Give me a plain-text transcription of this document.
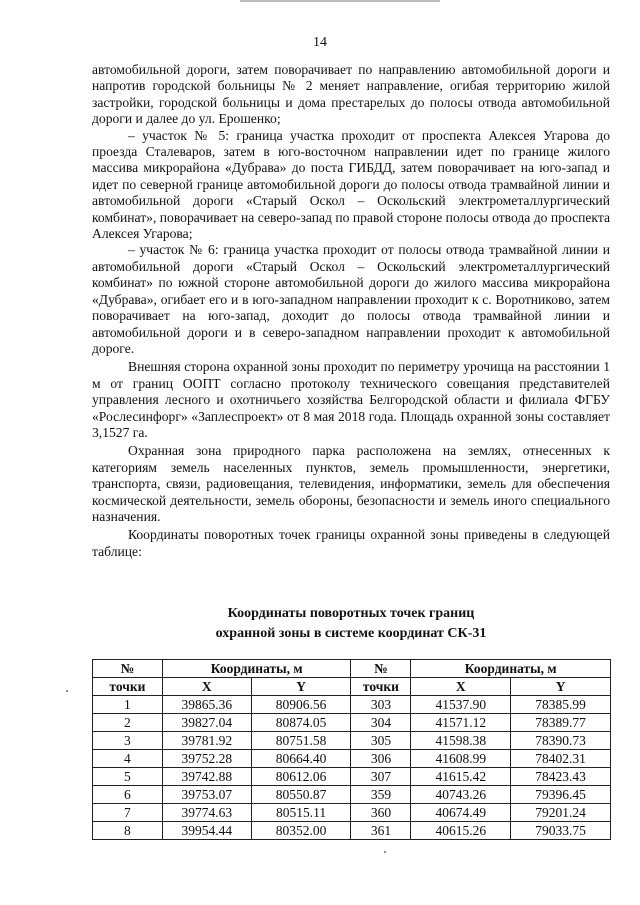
14

автомобильной дороги, затем поворачивает по направлению автомобильной дороги и напротив городской больницы № 2 меняет направление, огибая территорию жилой застройки, городской больницы и дома престарелых до полосы отвода автомобильной дороги и далее до ул. Ерошенко;

– участок № 5: граница участка проходит от проспекта Алексея Угарова до проезда Сталеваров, затем в юго-восточном направлении идет по границе жилого массива микрорайона «Дубрава» до поста ГИБДД, затем поворачивает на юго-запад и идет по северной границе автомобильной дороги до полосы отвода трамвайной линии и автомобильной дороги «Старый Оскол – Оскольский электрометаллургический комбинат», поворачивает на северо-запад по правой стороне полосы отвода до проспекта Алексея Угарова;

– участок № 6: граница участка проходит от полосы отвода трамвайной линии и автомобильной дороги «Старый Оскол – Оскольский электрометаллургический комбинат» по южной стороне автомобильной дороги до жилого массива микрорайона «Дубрава», огибает его и в юго-западном направлении проходит к с. Воротниково, затем поворачивает на юго-запад, доходит до полосы отвода трамвайной линии и автомобильной дороги и в северо-западном направлении проходит к автомобильной дороге.

Внешняя сторона охранной зоны проходит по периметру урочища на расстоянии 1 м от границ ООПТ согласно протоколу технического совещания представителей управления лесного и охотничьего хозяйства Белгородской области и филиала ФГБУ «Рослесинфорг» «Заплеспроект» от 8 мая 2018 года. Площадь охранной зоны составляет 3,1527 га.

Охранная зона природного парка расположена на землях, отнесенных к категориям земель населенных пунктов, земель промышленности, энергетики, транспорта, связи, радиовещания, телевидения, информатики, земель для обеспечения космической деятельности, земель обороны, безопасности и земель иного специального назначения.

Координаты поворотных точек границы охранной зоны приведены в следующей таблице:

Координаты поворотных точек границ
охранной зоны в системе координат СК-31
№	Координаты, м		№	Координаты, м	
точки	X	Y	точки	X	Y
1	39865.36	80906.56	303	41537.90	78385.99
2	39827.04	80874.05	304	41571.12	78389.77
3	39781.92	80751.58	305	41598.38	78390.73
4	39752.28	80664.40	306	41608.99	78402.31
5	39742.88	80612.06	307	41615.42	78423.43
6	39753.07	80550.87	359	40743.26	79396.45
7	39774.63	80515.11	360	40674.49	79201.24
8	39954.44	80352.00	361	40615.26	79033.75
